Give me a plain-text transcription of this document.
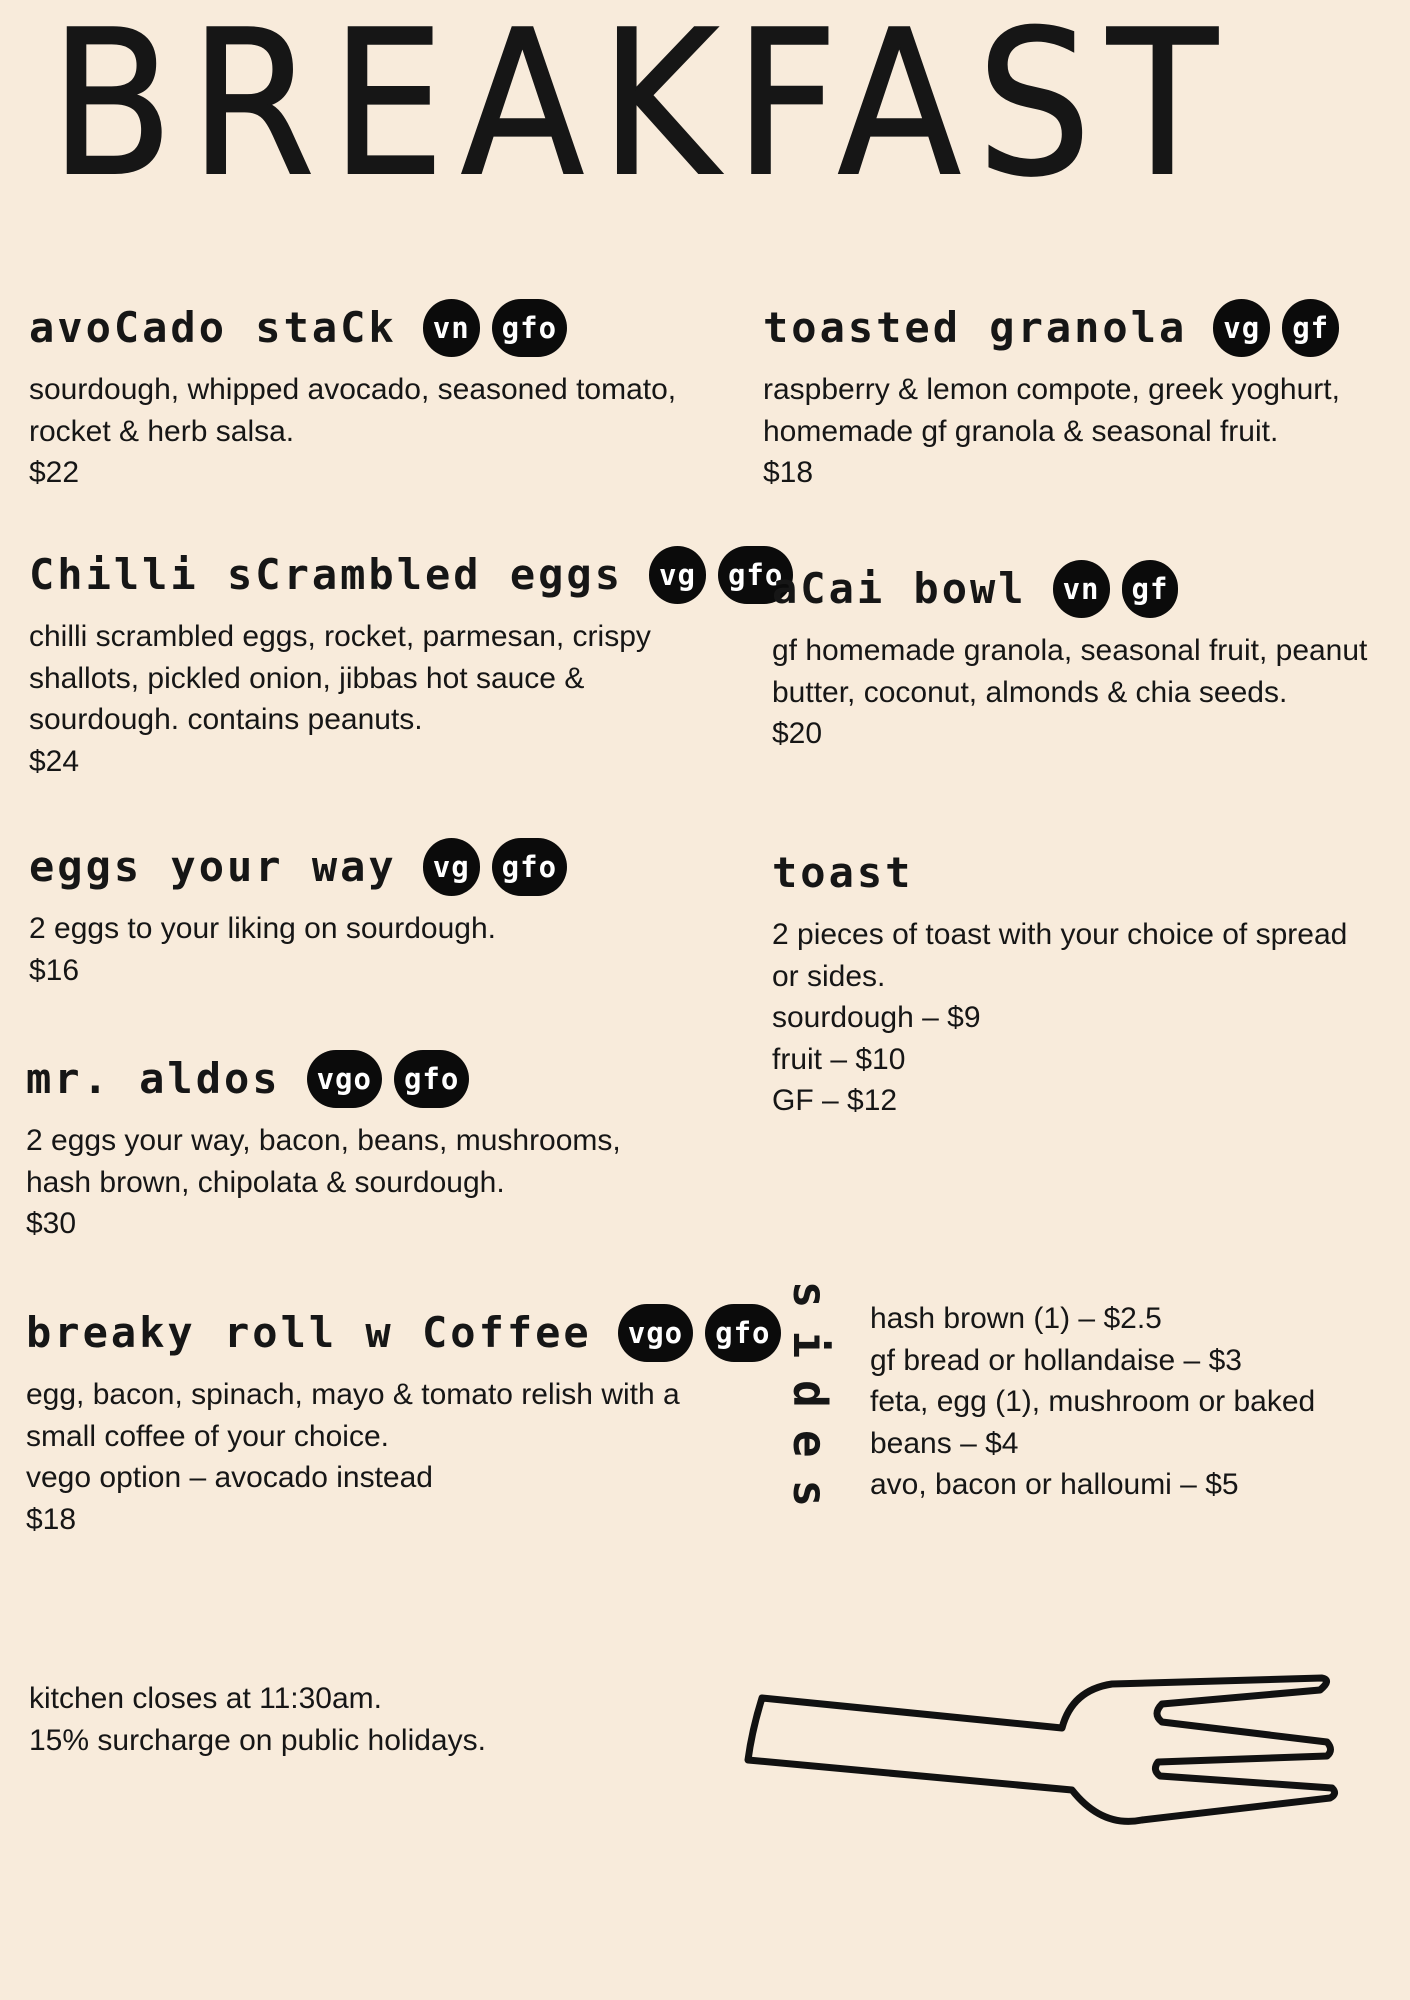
BREAKFAST
avoCado staCk	vn	gfo
sourdough, whipped avocado, seasoned tomato, rocket & herb salsa.
$22
Chilli sCrambled eggs	vg	gfo
chilli scrambled eggs, rocket, parmesan, crispy shallots, pickled onion, jibbas hot sauce & sourdough. contains peanuts.
$24
eggs your way	vg	gfo
2 eggs to your liking on sourdough.
$16
mr. aldos	vgo	gfo
2 eggs your way, bacon, beans, mushrooms, hash brown, chipolata & sourdough.
$30
breaky roll w Coffee	vgo	gfo
egg, bacon, spinach, mayo & tomato relish with a small coffee of your choice.
vego option – avocado instead
$18
toasted granola	vg	gf
raspberry & lemon compote, greek yoghurt, homemade gf granola & seasonal fruit.
$18
aCai bowl	vn	gf
gf homemade granola, seasonal fruit, peanut butter, coconut, almonds & chia seeds.
$20
toast
2 pieces of toast with your choice of spread or sides.
sourdough – $9
fruit – $10
GF – $12
sides hash brown (1) – $2.5
gf bread or hollandaise – $3
feta, egg (1), mushroom or baked
beans – $4
avo, bacon or halloumi – $5
kitchen closes at 11:30am.
15% surcharge on public holidays.
